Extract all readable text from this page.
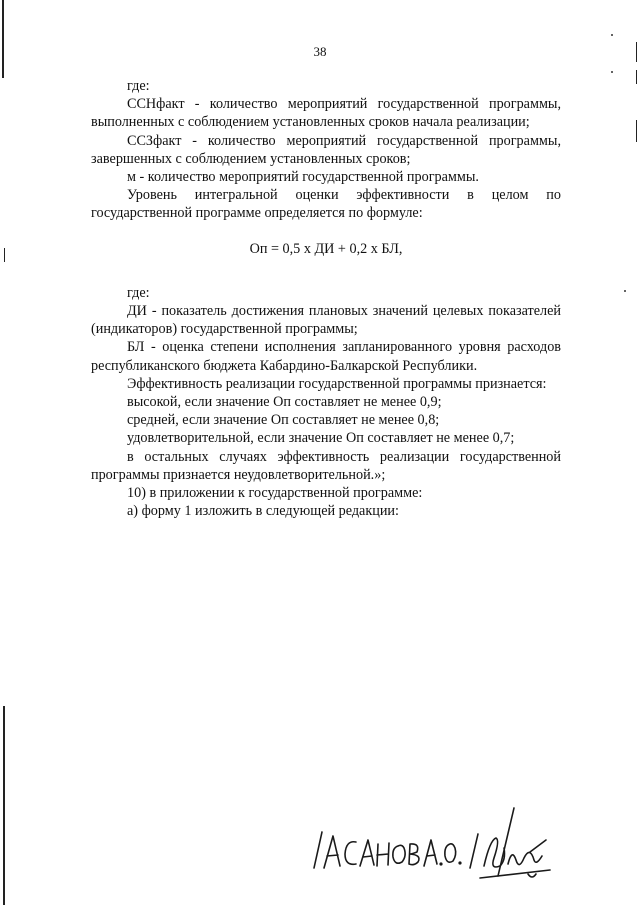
38

где:

ССНфакт - количество мероприятий государственной программы, выполненных с соблюдением установленных сроков начала реализации;

ССЗфакт - количество мероприятий государственной программы, завершенных с соблюдением установленных сроков;

м - количество мероприятий государственной программы.

Уровень интегральной оценки эффективности в целом по государственной программе определяется по формуле:

Оп = 0,5 х ДИ + 0,2 х БЛ,

где:

ДИ - показатель достижения плановых значений целевых показателей (индикаторов) государственной программы;

БЛ - оценка степени исполнения запланированного уровня расходов республиканского бюджета Кабардино-Балкарской Республики.

Эффективность реализации государственной программы признается:

высокой, если значение Оп составляет не менее 0,9;

средней, если значение Оп составляет не менее 0,8;

удовлетворительной, если значение Оп составляет не менее 0,7;

в остальных случаях эффективность реализации государственной программы признается неудовлетворительной.»;

10) в приложении к государственной программе:

а) форму 1 изложить в следующей редакции:
